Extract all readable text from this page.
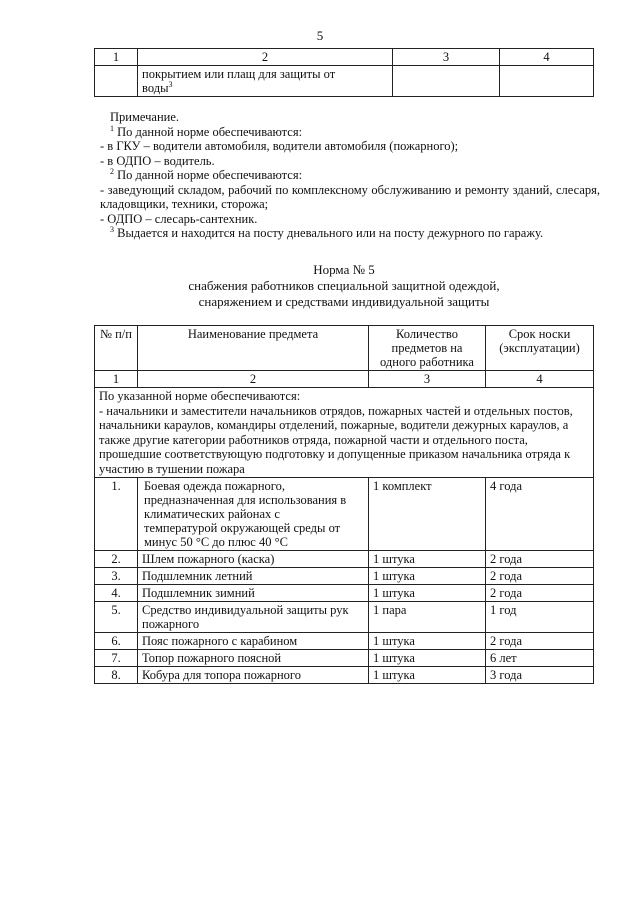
5
1	2	3	4
	покрытием или плащ для защиты от
воды$^3$		

Примечание.

$^1$ По данной норме обеспечиваются:

- в ГКУ – водители автомобиля, водители автомобиля (пожарного);

- в ОДПО – водитель.

$^2$ По данной норме обеспечиваются:

- заведующий складом, рабочий по комплексному обслуживанию и ремонту зданий, слесаря, кладовщики, техники, сторожа;

- ОДПО – слесарь-сантехник.

$^3$ Выдается и находится на посту дневального или на посту дежурного по гаражу.

Норма № 5
снабжения работников специальной защитной одеждой,
снаряжением и средствами индивидуальной защиты
№ п/п	Наименование предмета	Количество предметов на одного работника	Срок носки (эксплуатации)
1	2	3	4
По указанной норме обеспечиваются:
- начальники и заместители начальников отрядов, пожарных частей и отдельных постов, начальники караулов, командиры отделений, пожарные, водители дежурных караулов, а также другие категории работников отряда, пожарной части и отдельного поста, прошедшие соответствующую подготовку и допущенные приказом начальника отряда к участию в тушении пожара			
1.	Боевая одежда пожарного, предназначенная для использования в климатических районах с температурой окружающей среды от минус 50 °С до плюс 40 °С	1 комплект	4 года
2.	Шлем пожарного (каска)	1 штука	2 года
3.	Подшлемник летний	1 штука	2 года
4.	Подшлемник зимний	1 штука	2 года
5.	Средство индивидуальной защиты рук пожарного	1 пара	1 год
6.	Пояс пожарного с карабином	1 штука	2 года
7.	Топор пожарного поясной	1 штука	6 лет
8.	Кобура для топора пожарного	1 штука	3 года
